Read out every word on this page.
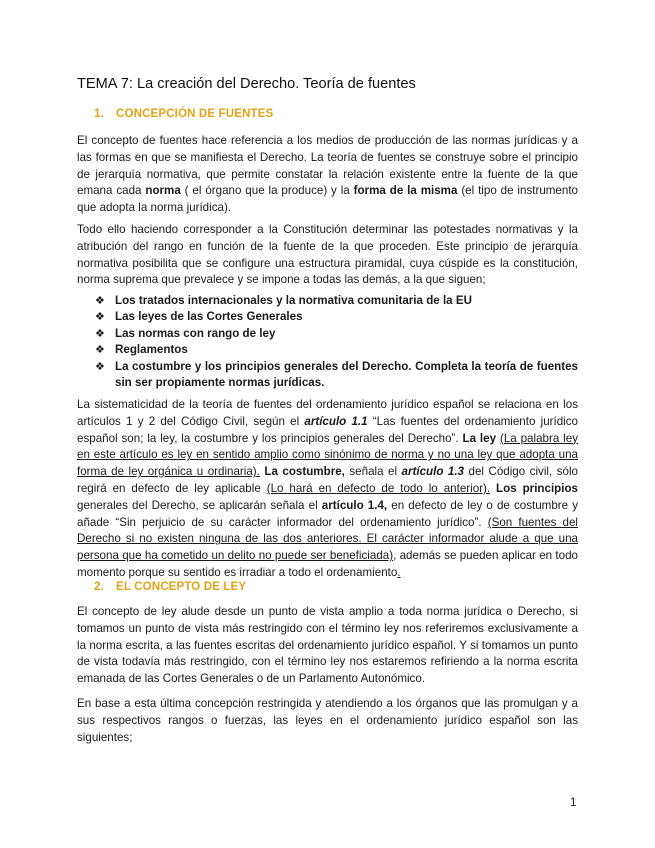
TEMA 7: La creación del Derecho. Teoría de fuentes
1. CONCEPCIÓN DE FUENTES
El concepto de fuentes hace referencia a los medios de producción de las normas jurídicas y a las formas en que se manifiesta el Derecho. La teoría de fuentes se construye sobre el principio de jerarquía normativa, que permite constatar la relación existente entre la fuente de la que emana cada norma ( el órgano que la produce) y la forma de la misma (el tipo de instrumento que adopta la norma jurídica).
Todo ello haciendo corresponder a la Constitución determinar las potestades normativas y la atribución del rango en función de la fuente de la que proceden. Este principio de jerarquía normativa posibilita que se configure una estructura piramidal, cuya cúspide es la constitución, norma suprema que prevalece y se impone a todas las demás, a la que siguen;
❖ Los tratados internacionales y la normativa comunitaria de la EU
❖ Las leyes de las Cortes Generales
❖ Las normas con rango de ley
❖ Reglamentos
❖ La costumbre y los principios generales del Derecho. Completa la teoría de fuentes sin ser propiamente normas jurídicas.
La sistematicidad de la teoría de fuentes del ordenamiento jurídico español se relaciona en los artículos 1 y 2 del Código Civil, según el artículo 1.1 “Las fuentes del ordenamiento jurídico español son; la ley, la costumbre y los principios generales del Derecho”. La ley (La palabra ley en este artículo es ley en sentido amplio como sinónimo de norma y no una ley que adopta una forma de ley orgánica u ordinaria). La costumbre, señala el artículo 1.3 del Código civil, sólo regirá en defecto de ley aplicable (Lo hará en defecto de todo lo anterior). Los principios generales del Derecho, se aplicarán señala el artículo 1.4, en defecto de ley o de costumbre y añade “Sin perjuicio de su carácter informador del ordenamiento jurídico”. (Son fuentes del Derecho si no existen ninguna de las dos anteriores. El carácter informador alude a que una persona que ha cometido un delito no puede ser beneficiada), además se pueden aplicar en todo momento porque su sentido es irradiar a todo el ordenamiento.
2. EL CONCEPTO DE LEY
El concepto de ley alude desde un punto de vista amplio a toda norma jurídica o Derecho, si tomamos un punto de vista más restringido con el término ley nos referiremos exclusivamente a la norma escrita, a las fuentes escritas del ordenamiento jurídico español. Y si tomamos un punto de vista todavía más restringido, con el término ley nos estaremos refiriendo a la norma escrita emanada de las Cortes Generales o de un Parlamento Autonómico.
En base a esta última concepción restringida y atendiendo a los órganos que las promulgan y a sus respectivos rangos o fuerzas, las leyes en el ordenamiento jurídico español son las siguientes;
1
